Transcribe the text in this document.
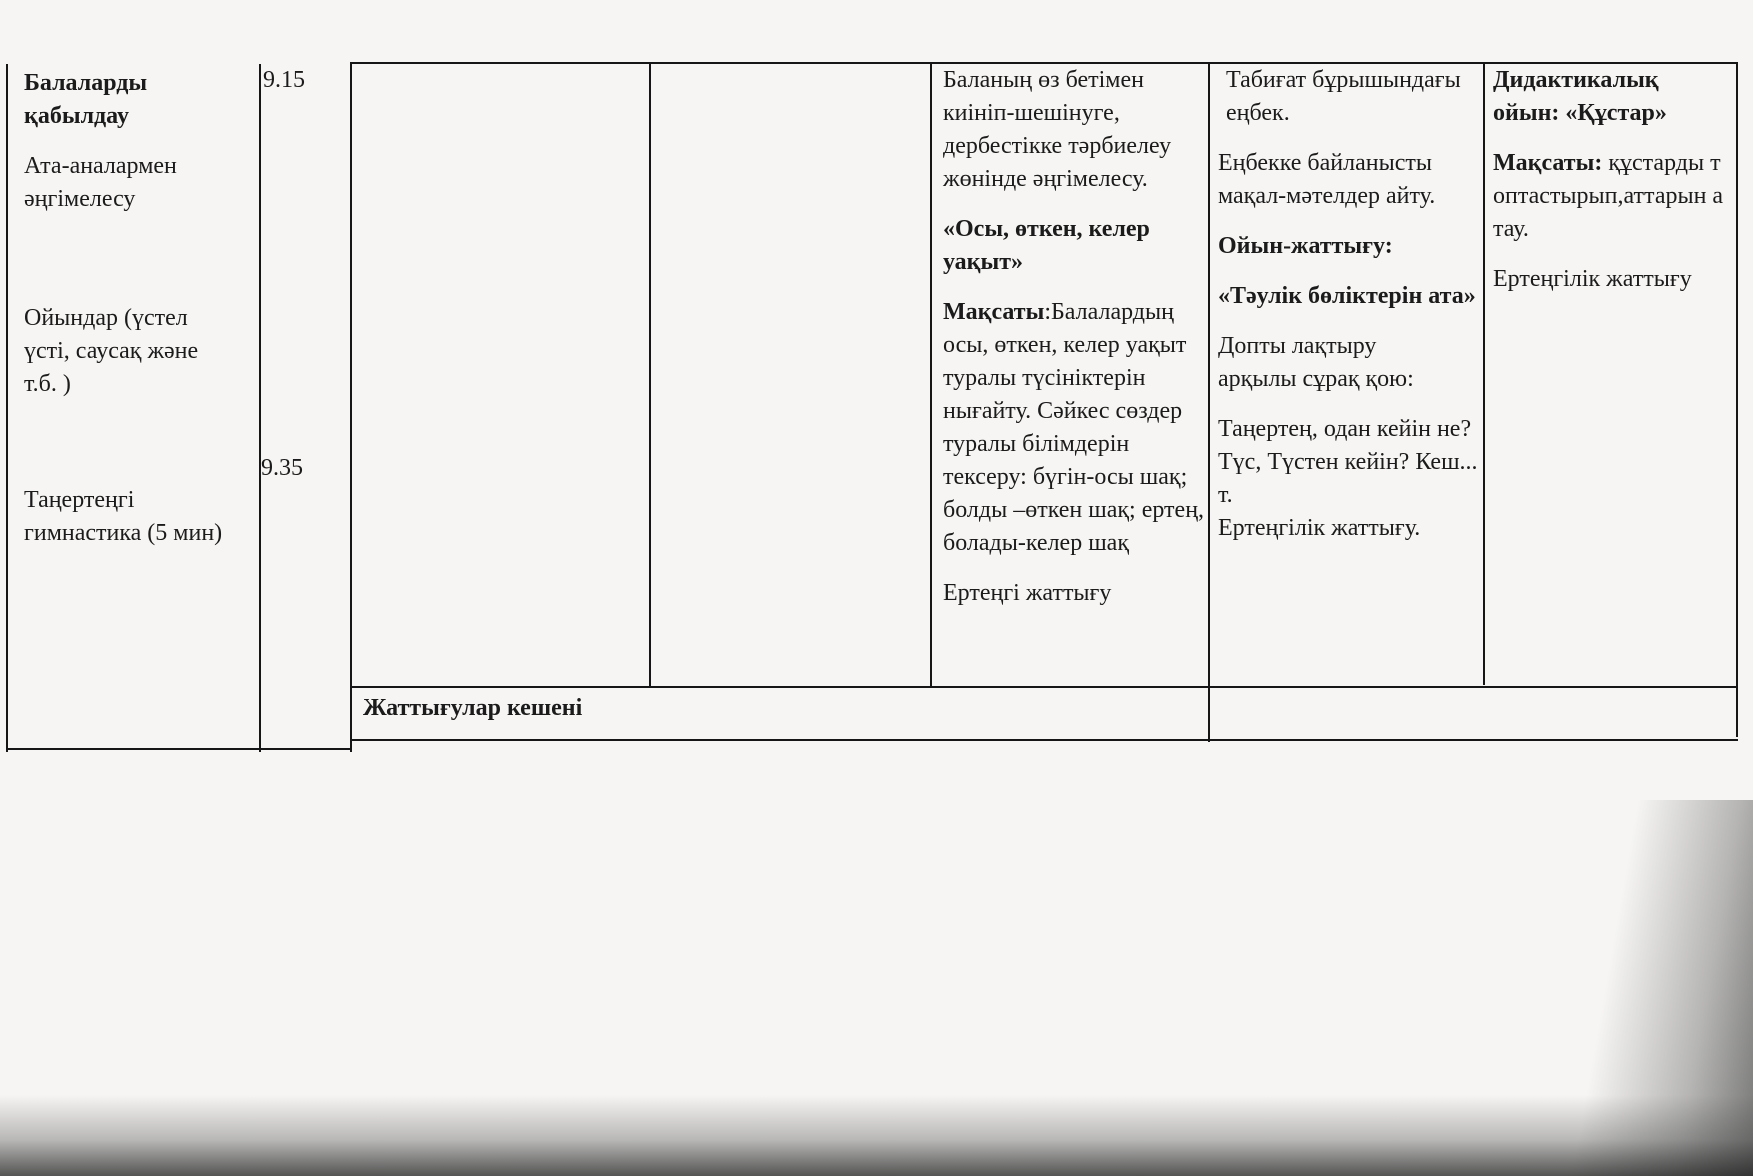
Балаларды қабылдау

Ата-аналармен әңгімелесу

Ойындар (үстел үсті, саусақ және т.б. )

Таңертеңгі гимнастика (5 мин)

9.15
9.35

Баланың өз бетімен киініп-шешінуге, дербестікке тәрбиелеу жөнінде әңгімелесу.

«Осы, өткен, келер уақыт»

Мақсаты:Балалардың осы, өткен, келер уақыт туралы түсініктерін нығайту. Сәйкес сөздер туралы білімдерін тексеру: бүгін-осы шақ; болды –өткен шақ; ертең, болады-келер шақ

Ертеңгі жаттығу

Табиғат бұрышындағы еңбек.

Еңбекке байланысты мақал-мәтелдер айту.

Ойын-жаттығу:

«Тәулік бөліктерін ата»

Допты лақтыру арқылы сұрақ қою:

Таңертең, одан кейін не? Түс, Түстен кейін? Кеш... т.

Ертеңгілік жаттығу.

Дидактикалық ойын: «Құстар»

Мақсаты: құстарды топтастырып,аттарын атау.

Ертеңгілік жаттығу

Жаттығулар кешені
